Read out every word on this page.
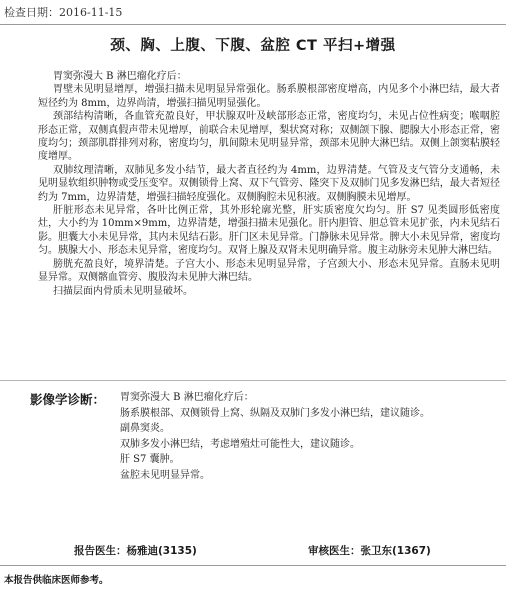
检查日期：2016-11-15
颈、胸、上腹、下腹、盆腔 CT 平扫+增强

胃窦弥漫大 B 淋巴瘤化疗后：

胃壁未见明显增厚，增强扫描未见明显异常强化。肠系膜根部密度增高，内见多个小淋巴结，最大者短径约为 8mm，边界尚清，增强扫描见明显强化。

颈部结构清晰，各血管充盈良好，甲状腺双叶及峡部形态正常，密度均匀，未见占位性病变；喉咽腔形态正常，双侧真假声带未见增厚，前联合未见增厚，梨状窝对称；双侧颌下腺、腮腺大小形态正常，密度均匀；颈部肌群排列对称，密度均匀，肌间隙未见明显异常，颈部未见肿大淋巴结。双侧上颌窦粘膜轻度增厚。

双肺纹理清晰，双肺见多发小结节，最大者直径约为 4mm，边界清楚。气管及支气管分支通畅，未见明显软组织肿物或受压变窄。双侧锁骨上窝、双下气管旁、隆突下及双肺门见多发淋巴结，最大者短径约为 7mm，边界清楚，增强扫描轻度强化。双侧胸腔未见积液。双侧胸膜未见增厚。

肝脏形态未见异常，各叶比例正常，其外形轮廓光整，肝实质密度欠均匀。肝 S7 见类圆形低密度灶，大小约为 10mm×9mm，边界清楚，增强扫描未见强化。肝内胆管、胆总管未见扩张，内未见结石影。胆囊大小未见异常，其内未见结石影。肝门区未见异常。门静脉未见异常。脾大小未见异常，密度均匀。胰腺大小、形态未见异常，密度均匀。双肾上腺及双肾未见明确异常。腹主动脉旁未见肿大淋巴结。

膀胱充盈良好，境界清楚。子宫大小、形态未见明显异常，子宫颈大小、形态未见异常。直肠未见明显异常。双侧髂血管旁、腹股沟未见肿大淋巴结。

扫描层面内骨质未见明显破坏。

影像学诊断： 胃窦弥漫大 B 淋巴瘤化疗后：
肠系膜根部、双侧锁骨上窝、纵隔及双肺门多发小淋巴结，建议随诊。
副鼻窦炎。
双肺多发小淋巴结，考虑增殖灶可能性大，建议随诊。
肝 S7 囊肿。
盆腔未见明显异常。
报告医生：杨雅迪(3135)	审核医生：张卫东(1367)
本报告供临床医师参考。
